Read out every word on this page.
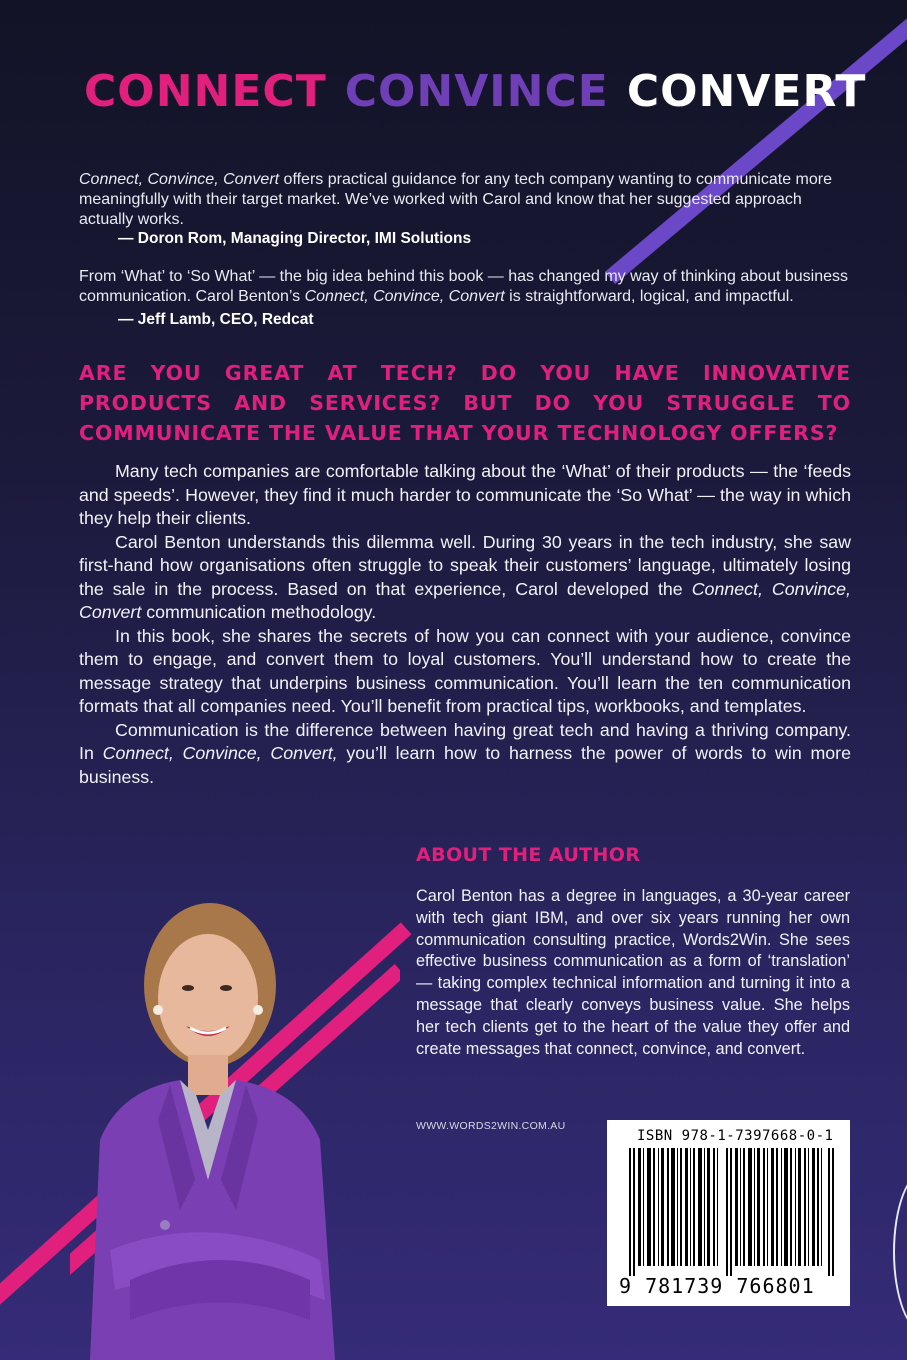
CONNECT CONVINCE CONVERT

Connect, Convince, Convert offers practical guidance for any tech company wanting to communicate more meaningfully with their target market. We’ve worked with Carol and know that her suggested approach actually works.

— Doron Rom, Managing Director, IMI Solutions

From ‘What’ to ‘So What’ — the big idea behind this book — has changed my way of thinking about business communication. Carol Benton’s Connect, Convince, Convert is straightforward, logical, and impactful.

— Jeff Lamb, CEO, Redcat

ARE YOU GREAT AT TECH? DO YOU HAVE INNOVATIVE PRODUCTS AND SERVICES? BUT DO YOU STRUGGLE TO COMMUNICATE THE VALUE THAT YOUR TECHNOLOGY OFFERS?

Many tech companies are comfortable talking about the ‘What’ of their products — the ‘feeds and speeds’. However, they find it much harder to communicate the ‘So What’ — the way in which they help their clients.

Carol Benton understands this dilemma well. During 30 years in the tech industry, she saw first-hand how organisations often struggle to speak their customers’ language, ultimately losing the sale in the process. Based on that experience, Carol developed the Connect, Convince, Convert communication methodology.

In this book, she shares the secrets of how you can connect with your audience, convince them to engage, and convert them to loyal customers. You’ll understand how to create the message strategy that underpins business communication. You’ll learn the ten communication formats that all companies need. You’ll benefit from practical tips, workbooks, and templates.

Communication is the difference between having great tech and having a thriving company. In Connect, Convince, Convert, you’ll learn how to harness the power of words to win more business.

ABOUT THE AUTHOR

Carol Benton has a degree in languages, a 30-year career with tech giant IBM, and over six years running her own communication consulting practice, Words2Win. She sees effective business communication as a form of ‘translation’ — taking complex technical information and turning it into a message that clearly conveys business value. She helps her tech clients get to the heart of the value they offer and create messages that connect, convince, and convert.

WWW.WORDS2WIN.COM.AU

ISBN 978-1-7397668-0-1

9 781739 766801
